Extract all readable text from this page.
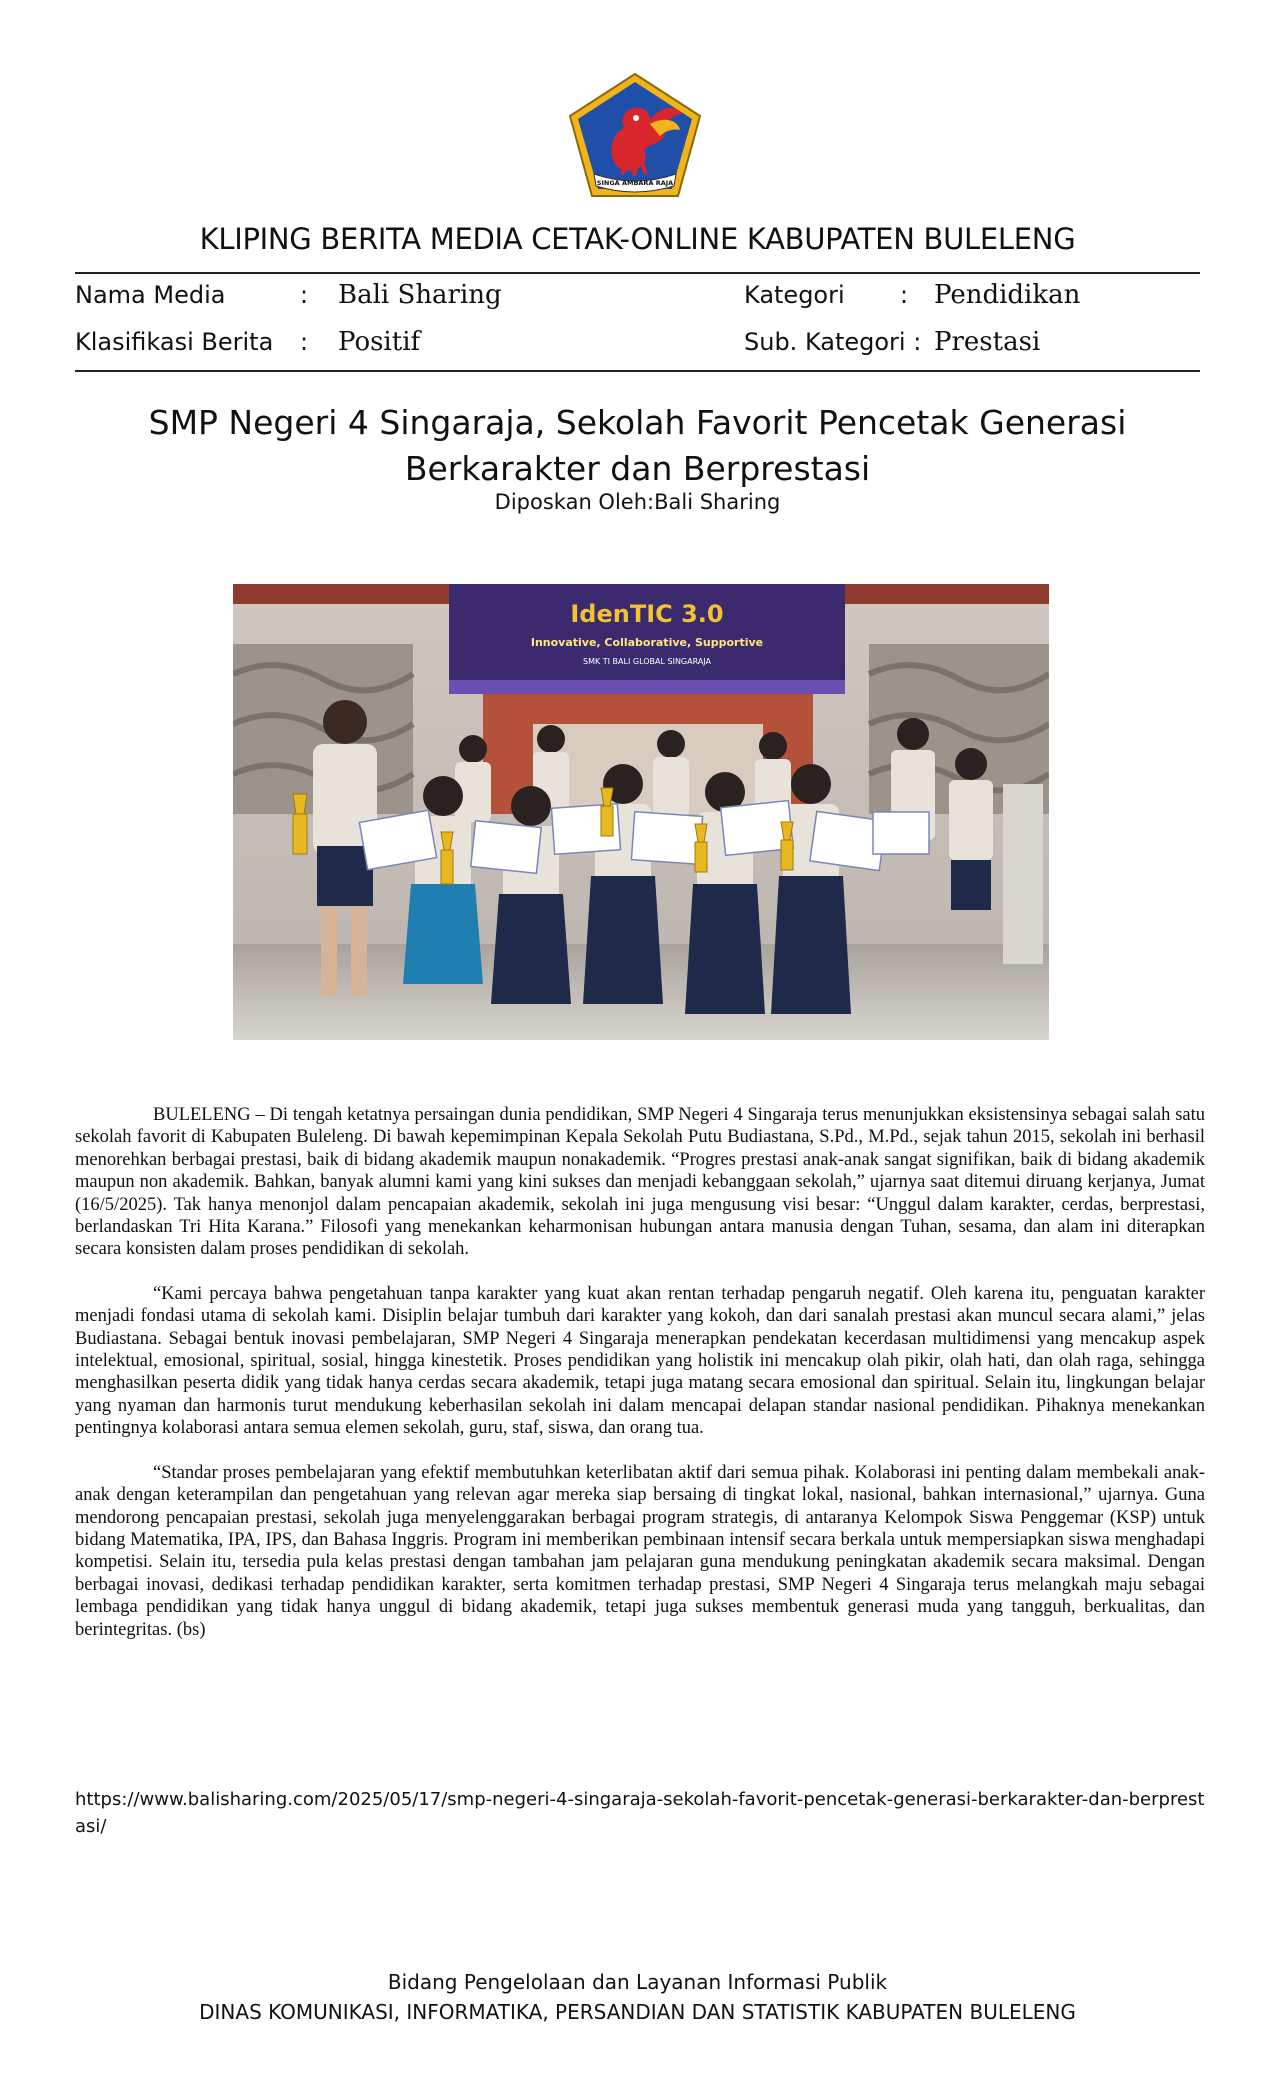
SINGA AMBARA RAJA
KLIPING BERITA MEDIA CETAK-ONLINE KABUPATEN BULELENG
Nama Media	: Bali Sharing
Klasifikasi Berita : Positif
Kategori : Pendidikan
Sub. Kategori : Prestasi
SMP Negeri 4 Singaraja, Sekolah Favorit Pencetak Generasi Berkarakter dan Berprestasi
Diposkan Oleh:Bali Sharing
IdenTIC 3.0
Innovative, Collaborative, Supportive
SMK TI BALI GLOBAL SINGARAJA

BULELENG – Di tengah ketatnya persaingan dunia pendidikan, SMP Negeri 4 Singaraja terus menunjukkan eksistensinya sebagai salah satu sekolah favorit di Kabupaten Buleleng. Di bawah kepemimpinan Kepala Sekolah Putu Budiastana, S.Pd., M.Pd., sejak tahun 2015, sekolah ini berhasil menorehkan berbagai prestasi, baik di bidang akademik maupun nonakademik. “Progres prestasi anak-anak sangat signifikan, baik di bidang akademik maupun non akademik. Bahkan, banyak alumni kami yang kini sukses dan menjadi kebanggaan sekolah,” ujarnya saat ditemui diruang kerjanya, Jumat (16/5/2025). Tak hanya menonjol dalam pencapaian akademik, sekolah ini juga mengusung visi besar: “Unggul dalam karakter, cerdas, berprestasi, berlandaskan Tri Hita Karana.” Filosofi yang menekankan keharmonisan hubungan antara manusia dengan Tuhan, sesama, dan alam ini diterapkan secara konsisten dalam proses pendidikan di sekolah.

“Kami percaya bahwa pengetahuan tanpa karakter yang kuat akan rentan terhadap pengaruh negatif. Oleh karena itu, penguatan karakter menjadi fondasi utama di sekolah kami. Disiplin belajar tumbuh dari karakter yang kokoh, dan dari sanalah prestasi akan muncul secara alami,” jelas Budiastana. Sebagai bentuk inovasi pembelajaran, SMP Negeri 4 Singaraja menerapkan pendekatan kecerdasan multidimensi yang mencakup aspek intelektual, emosional, spiritual, sosial, hingga kinestetik. Proses pendidikan yang holistik ini mencakup olah pikir, olah hati, dan olah raga, sehingga menghasilkan peserta didik yang tidak hanya cerdas secara akademik, tetapi juga matang secara emosional dan spiritual. Selain itu, lingkungan belajar yang nyaman dan harmonis turut mendukung keberhasilan sekolah ini dalam mencapai delapan standar nasional pendidikan. Pihaknya menekankan pentingnya kolaborasi antara semua elemen sekolah, guru, staf, siswa, dan orang tua.

“Standar proses pembelajaran yang efektif membutuhkan keterlibatan aktif dari semua pihak. Kolaborasi ini penting dalam membekali anak-anak dengan keterampilan dan pengetahuan yang relevan agar mereka siap bersaing di tingkat lokal, nasional, bahkan internasional,” ujarnya. Guna mendorong pencapaian prestasi, sekolah juga menyelenggarakan berbagai program strategis, di antaranya Kelompok Siswa Penggemar (KSP) untuk bidang Matematika, IPA, IPS, dan Bahasa Inggris. Program ini memberikan pembinaan intensif secara berkala untuk mempersiapkan siswa menghadapi kompetisi. Selain itu, tersedia pula kelas prestasi dengan tambahan jam pelajaran guna mendukung peningkatan akademik secara maksimal. Dengan berbagai inovasi, dedikasi terhadap pendidikan karakter, serta komitmen terhadap prestasi, SMP Negeri 4 Singaraja terus melangkah maju sebagai lembaga pendidikan yang tidak hanya unggul di bidang akademik, tetapi juga sukses membentuk generasi muda yang tangguh, berkualitas, dan berintegritas. (bs)

https://www.balisharing.com/2025/05/17/smp-negeri-4-singaraja-sekolah-favorit-pencetak-generasi-berkarakter-dan-berprestasi/
Bidang Pengelolaan dan Layanan Informasi Publik
DINAS KOMUNIKASI, INFORMATIKA, PERSANDIAN DAN STATISTIK KABUPATEN BULELENG
